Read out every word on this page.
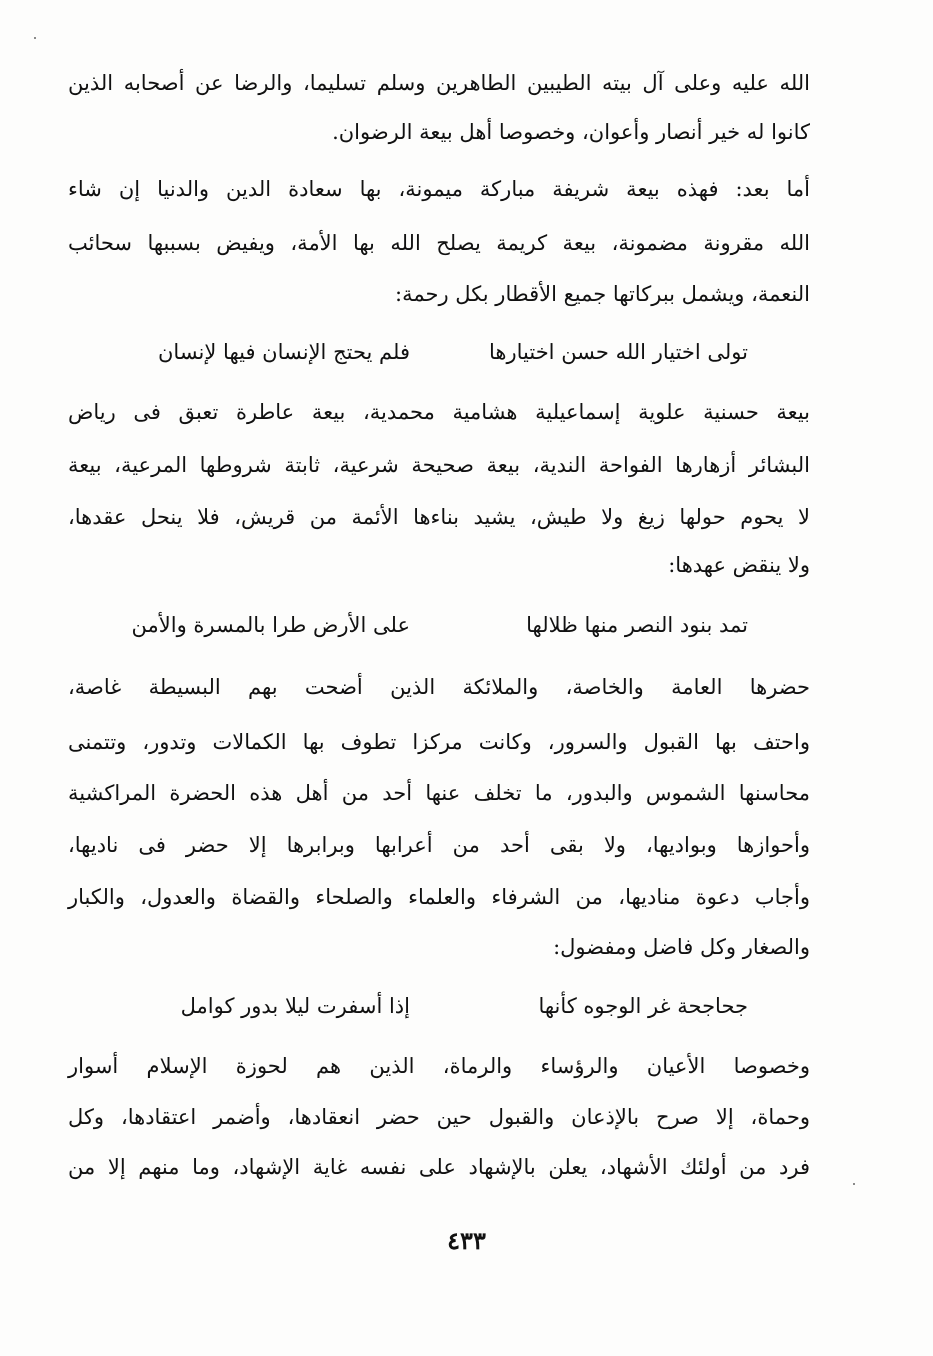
الله عليه وعلى آل بيته الطيبين الطاهرين وسلم تسليما، والرضا عن أصحابه الذين
كانوا له خير أنصار وأعوان، وخصوصا أهل بيعة الرضوان.
أما بعد: فهذه بيعة شريفة مباركة ميمونة، بها سعادة الدين والدنيا إن شاء
الله مقرونة مضمونة، بيعة كريمة يصلح الله بها الأمة، ويفيض بسببها سحائب
النعمة، ويشمل ببركاتها جميع الأقطار بكل رحمة:
تولى اختيار الله حسن اختيارها
فلم يحتج الإنسان فيها لإنسان
بيعة حسنية علوية إسماعيلية هشامية محمدية، بيعة عاطرة تعبق فى رياض
البشائر أزهارها الفواحة الندية، بيعة صحيحة شرعية، ثابتة شروطها المرعية، بيعة
لا يحوم حولها زيغ ولا طيش، يشيد بناءها الأئمة من قريش، فلا ينحل عقدها،
ولا ينقض عهدها:
تمد بنود النصر منها ظلالها
على الأرض طرا بالمسرة والأمن
حضرها العامة والخاصة، والملائكة الذين أضحت بهم البسيطة غاصة،
واحتف بها القبول والسرور، وكانت مركزا تطوف بها الكمالات وتدور، وتتمنى
محاسنها الشموس والبدور، ما تخلف عنها أحد من أهل هذه الحضرة المراكشية
وأحوازها وبواديها، ولا بقى أحد من أعرابها وبرابرها إلا حضر فى ناديها،
وأجاب دعوة مناديها، من الشرفاء والعلماء والصلحاء والقضاة والعدول، والكبار
والصغار وكل فاضل ومفضول:
جحاجحة غر الوجوه كأنها
إذا أسفرت ليلا بدور كوامل
وخصوصا الأعيان والرؤساء والرماة، الذين هم لحوزة الإسلام أسوار
وحماة، إلا صرح بالإذعان والقبول حين حضر انعقادها، وأضمر اعتقادها، وكل
فرد من أولئك الأشهاد، يعلن بالإشهاد على نفسه غاية الإشهاد، وما منهم إلا من
٤٣٣
